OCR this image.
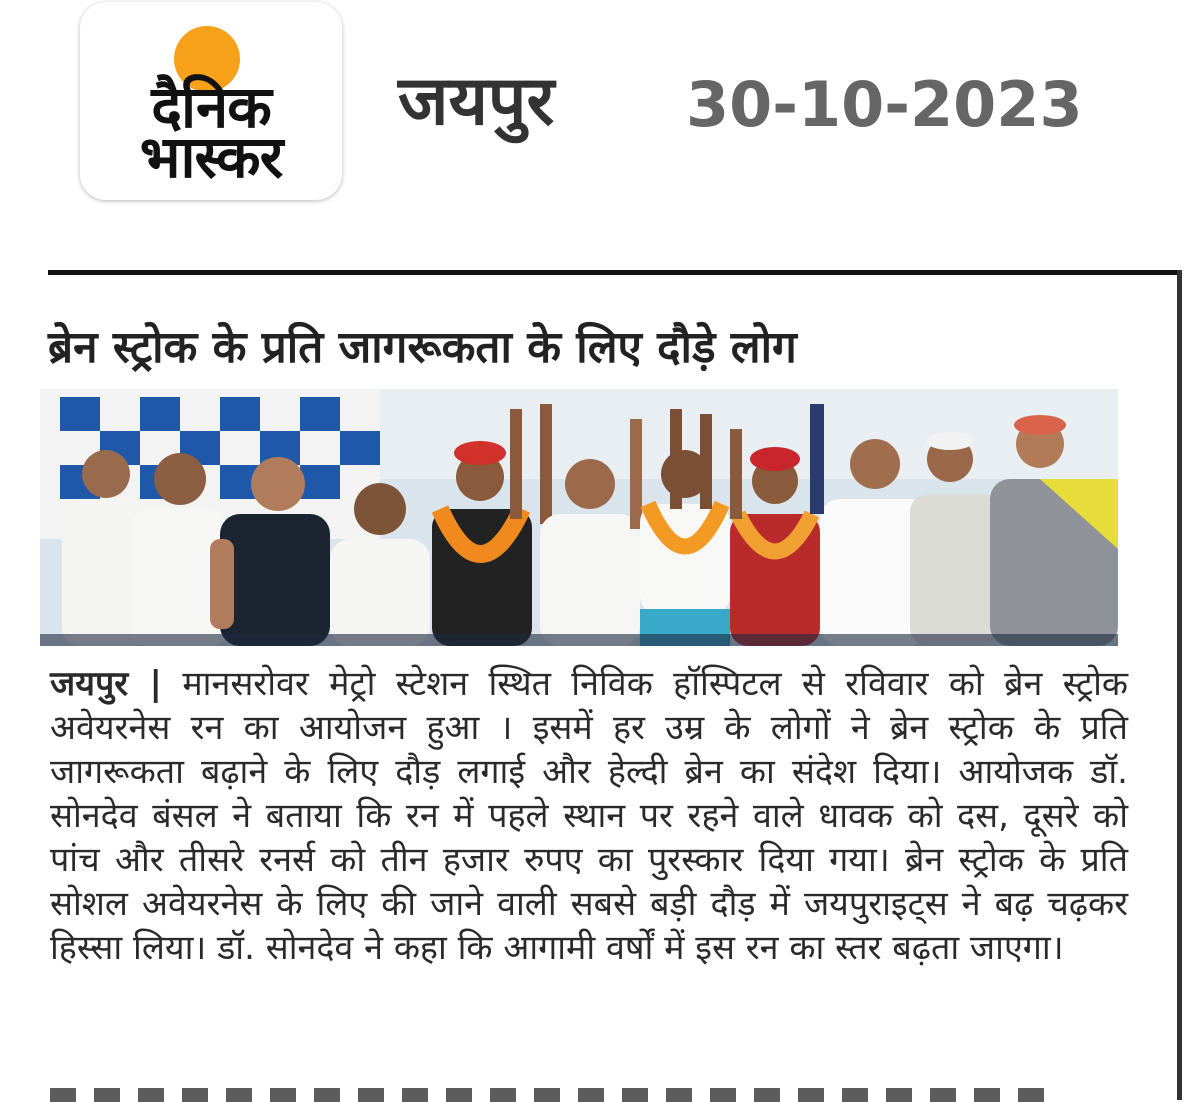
दैनिक
भास्कर
जयपुर 30-10-2023
ब्रेन स्ट्रोक के प्रति जागरूकता के लिए दौड़े लोग
जयपुर | मानसरोवर मेट्रो स्टेशन स्थित निविक हॉस्पिटल से रविवार को ब्रेन स्ट्रोक अवेयरनेस रन का आयोजन हुआ । इसमें हर उम्र के लोगों ने ब्रेन स्ट्रोक के प्रति जागरूकता बढ़ाने के लिए दौड़ लगाई और हेल्दी ब्रेन का संदेश दिया। आयोजक डॉ. सोनदेव बंसल ने बताया कि रन में पहले स्थान पर रहने वाले धावक को दस, दूसरे को पांच और तीसरे रनर्स को तीन हजार रुपए का पुरस्कार दिया गया। ब्रेन स्ट्रोक के प्रति सोशल अवेयरनेस के लिए की जाने वाली सबसे बड़ी दौड़ में जयपुराइट्स ने बढ़ चढ़कर हिस्सा लिया। डॉ. सोनदेव ने कहा कि आगामी वर्षों में इस रन का स्तर बढ़ता जाएगा।
